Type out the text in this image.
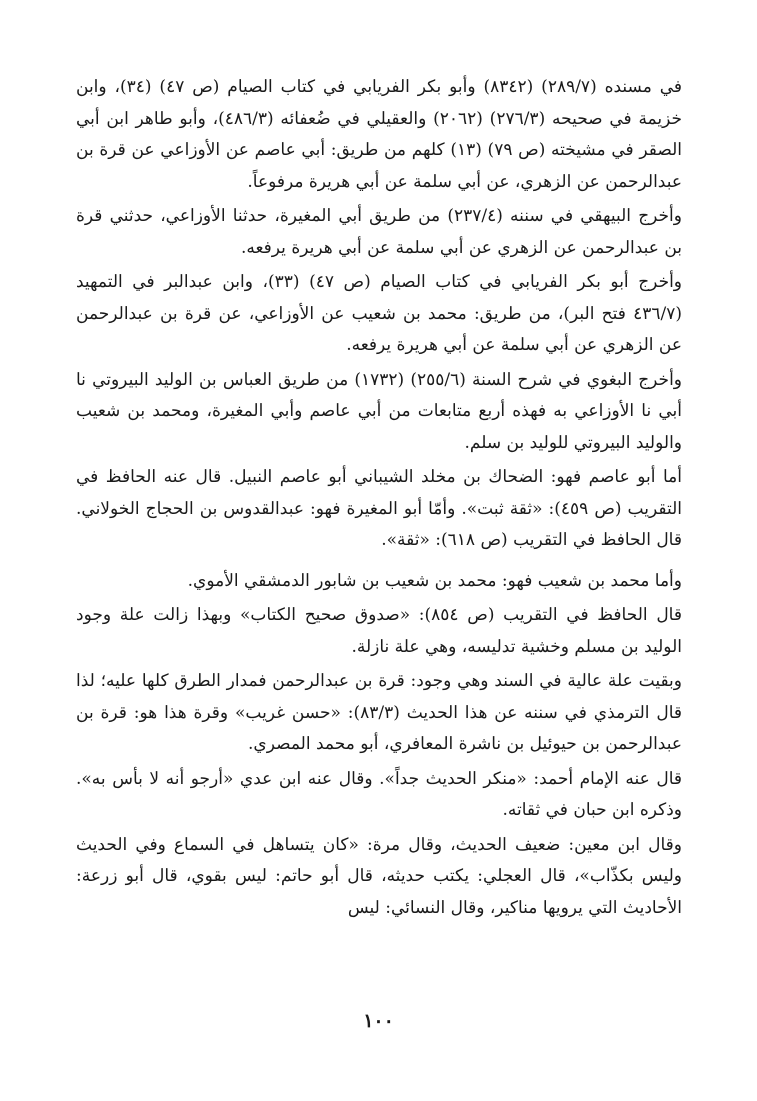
في مسنده (٢٨٩/٧) (٨٣٤٢) وأبو بكر الفريابي في كتاب الصيام (ص ٤٧) (٣٤)، وابن خزيمة في صحيحه (٢٧٦/٣) (٢٠٦٢) والعقيلي في ضُعفائه (٤٨٦/٣)، وأبو طاهر ابن أبي الصقر في مشيخته (ص ٧٩) (١٣) كلهم من طريق: أبي عاصم عن الأوزاعي عن قرة بن عبدالرحمن عن الزهري، عن أبي سلمة عن أبي هريرة مرفوعاً.

وأخرج البيهقي في سننه (٢٣٧/٤) من طريق أبي المغيرة، حدثنا الأوزاعي، حدثني قرة بن عبدالرحمن عن الزهري عن أبي سلمة عن أبي هريرة يرفعه.

وأخرج أبو بكر الفريابي في كتاب الصيام (ص ٤٧) (٣٣)، وابن عبدالبر في التمهيد (٤٣٦/٧ فتح البر)، من طريق: محمد بن شعيب عن الأوزاعي، عن قرة بن عبدالرحمن عن الزهري عن أبي سلمة عن أبي هريرة يرفعه.

وأخرج البغوي في شرح السنة (٢٥٥/٦) (١٧٣٢) من طريق العباس بن الوليد البيروتي نا أبي نا الأوزاعي به فهذه أربع متابعات من أبي عاصم وأبي المغيرة، ومحمد بن شعيب والوليد البيروتي للوليد بن سلم.

أما أبو عاصم فهو: الضحاك بن مخلد الشيباني أبو عاصم النبيل. قال عنه الحافظ في التقريب (ص ٤٥٩): «ثقة ثبت». وأمّا أبو المغيرة فهو: عبدالقدوس بن الحجاج الخولاني. قال الحافظ في التقريب (ص ٦١٨): «ثقة».

وأما محمد بن شعيب فهو: محمد بن شعيب بن شابور الدمشقي الأموي.

قال الحافظ في التقريب (ص ٨٥٤): «صدوق صحيح الكتاب» وبهذا زالت علة وجود الوليد بن مسلم وخشية تدليسه، وهي علة نازلة.

وبقيت علة عالية في السند وهي وجود: قرة بن عبدالرحمن فمدار الطرق كلها عليه؛ لذا قال الترمذي في سننه عن هذا الحديث (٨٣/٣): «حسن غريب» وقرة هذا هو: قرة بن عبدالرحمن بن حيوئيل بن ناشرة المعافري، أبو محمد المصري.

قال عنه الإمام أحمد: «منكر الحديث جداً». وقال عنه ابن عدي «أرجو أنه لا بأس به». وذكره ابن حبان في ثقاته.

وقال ابن معين: ضعيف الحديث، وقال مرة: «كان يتساهل في السماع وفي الحديث وليس بكذّاب»، قال العجلي: يكتب حديثه، قال أبو حاتم: ليس بقوي، قال أبو زرعة: الأحاديث التي يرويها مناكير، وقال النسائي: ليس

١٠٠
